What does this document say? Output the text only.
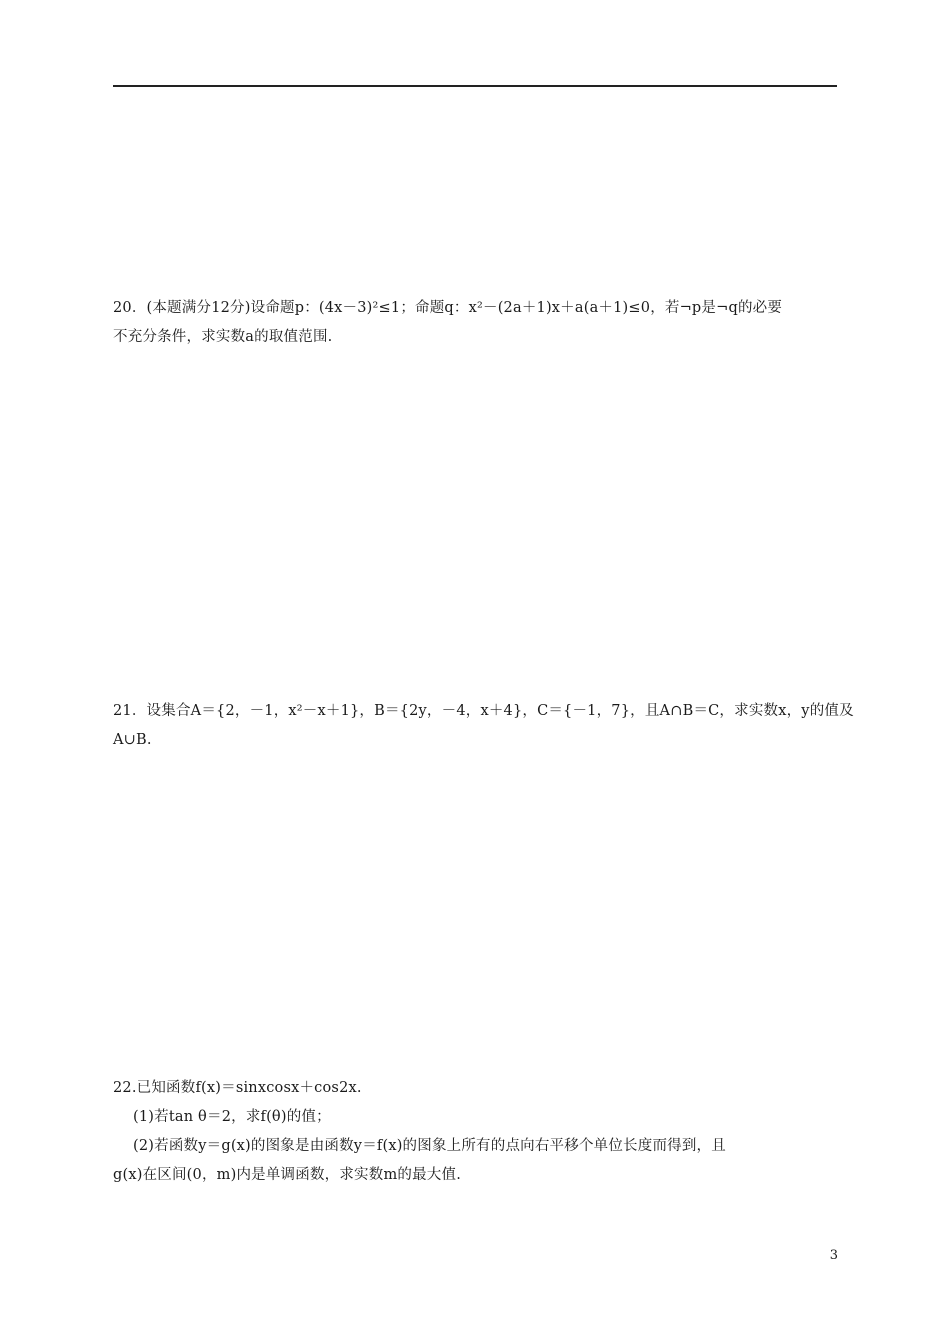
20．(本题满分12分)设命题p：(4x－3)²≤1；命题q：x²－(2a＋1)x＋a(a＋1)≤0，若¬p是¬q的必要

不充分条件，求实数a的取值范围.

21．设集合A＝{2，－1，x²－x＋1}，B＝{2y，－4，x＋4}，C＝{－1，7}，且A∩B＝C，求实数x，y的值及

A∪B.

22.已知函数f(x)＝sinxcosx＋cos2x.

(1)若tan θ＝2，求f(θ)的值；

(2)若函数y＝g(x)的图象是由函数y＝f(x)的图象上所有的点向右平移个单位长度而得到，且

g(x)在区间(0，m)内是单调函数，求实数m的最大值.

3
